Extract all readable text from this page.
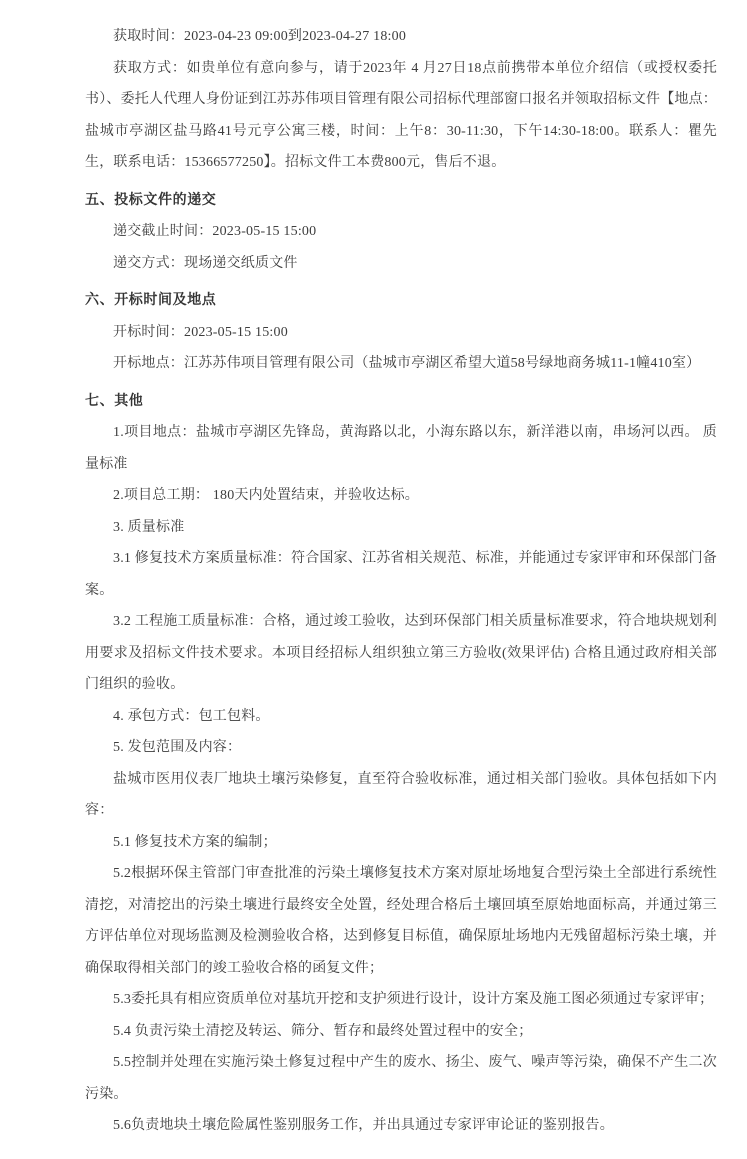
获取时间：2023-04-23 09:00到2023-04-27 18:00

获取方式：如贵单位有意向参与，请于2023年 4 月27日18点前携带本单位介绍信（或授权委托书）、委托人代理人身份证到江苏苏伟项目管理有限公司招标代理部窗口报名并领取招标文件【地点：盐城市亭湖区盐马路41号元亨公寓三楼，时间：上午8：30-11:30，下午14:30-18:00。联系人：瞿先生，联系电话：15366577250】。招标文件工本费800元，售后不退。

五、投标文件的递交

递交截止时间：2023-05-15 15:00

递交方式：现场递交纸质文件

六、开标时间及地点

开标时间：2023-05-15 15:00

开标地点：江苏苏伟项目管理有限公司（盐城市亭湖区希望大道58号绿地商务城11-1幢410室）

七、其他

1.项目地点：盐城市亭湖区先锋岛，黄海路以北，小海东路以东，新洋港以南，串场河以西。 质量标准

2.项目总工期： 180天内处置结束，并验收达标。

3. 质量标准

3.1 修复技术方案质量标准：符合国家、江苏省相关规范、标准，并能通过专家评审和环保部门备案。

3.2 工程施工质量标准：合格，通过竣工验收，达到环保部门相关质量标准要求，符合地块规划利用要求及招标文件技术要求。本项目经招标人组织独立第三方验收(效果评估) 合格且通过政府相关部门组织的验收。

4. 承包方式：包工包料。

5. 发包范围及内容：

盐城市医用仪表厂地块土壤污染修复，直至符合验收标准，通过相关部门验收。具体包括如下内容：

5.1 修复技术方案的编制；

5.2根据环保主管部门审查批准的污染土壤修复技术方案对原址场地复合型污染土全部进行系统性清挖，对清挖出的污染土壤进行最终安全处置，经处理合格后土壤回填至原始地面标高，并通过第三方评估单位对现场监测及检测验收合格，达到修复目标值，确保原址场地内无残留超标污染土壤，并确保取得相关部门的竣工验收合格的函复文件；

5.3委托具有相应资质单位对基坑开挖和支护须进行设计，设计方案及施工图必须通过专家评审；

5.4 负责污染土清挖及转运、筛分、暂存和最终处置过程中的安全；

5.5控制并处理在实施污染土修复过程中产生的废水、扬尘、废气、噪声等污染，确保不产生二次污染。

5.6负责地块土壤危险属性鉴别服务工作，并出具通过专家评审论证的鉴别报告。
